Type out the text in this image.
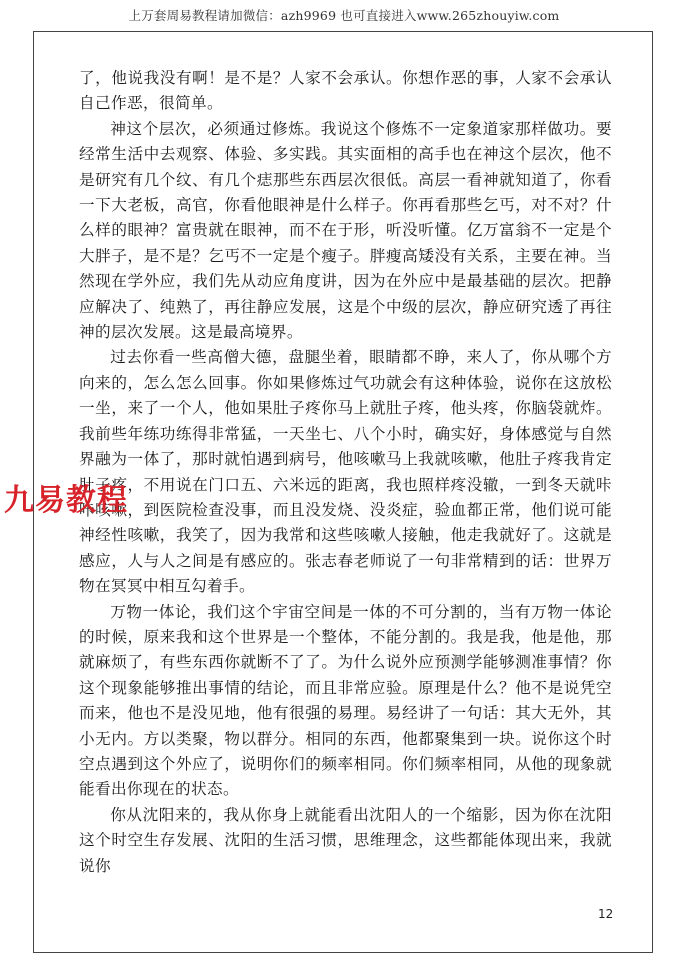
上万套周易教程请加微信：azh9969 也可直接进入www.265zhouyiw.com

了，他说我没有啊！是不是？人家不会承认。你想作恶的事，人家不会承认自己作恶，很简单。

神这个层次，必须通过修炼。我说这个修炼不一定象道家那样做功。要经常生活中去观察、体验、多实践。其实面相的高手也在神这个层次，他不是研究有几个纹、有几个痣那些东西层次很低。高层一看神就知道了，你看一下大老板，高官，你看他眼神是什么样子。你再看那些乞丐，对不对？什么样的眼神？富贵就在眼神，而不在于形，听没听懂。亿万富翁不一定是个大胖子，是不是？乞丐不一定是个瘦子。胖瘦高矮没有关系，主要在神。当然现在学外应，我们先从动应角度讲，因为在外应中是最基础的层次。把静应解决了、纯熟了，再往静应发展，这是个中级的层次，静应研究透了再往神的层次发展。这是最高境界。

过去你看一些高僧大德，盘腿坐着，眼睛都不睁，来人了，你从哪个方向来的，怎么怎么回事。你如果修炼过气功就会有这种体验，说你在这放松一坐，来了一个人，他如果肚子疼你马上就肚子疼，他头疼，你脑袋就炸。我前些年练功练得非常猛，一天坐七、八个小时，确实好，身体感觉与自然界融为一体了，那时就怕遇到病号，他咳嗽马上我就咳嗽，他肚子疼我肯定肚子疼，不用说在门口五、六米远的距离，我也照样疼没辙，一到冬天就咔咔咳嗽，到医院检查没事，而且没发烧、没炎症，验血都正常，他们说可能神经性咳嗽，我笑了，因为我常和这些咳嗽人接触，他走我就好了。这就是感应，人与人之间是有感应的。张志春老师说了一句非常精到的话：世界万物在冥冥中相互勾着手。

万物一体论，我们这个宇宙空间是一体的不可分割的，当有万物一体论的时候，原来我和这个世界是一个整体，不能分割的。我是我，他是他，那就麻烦了，有些东西你就断不了了。为什么说外应预测学能够测准事情？你这个现象能够推出事情的结论，而且非常应验。原理是什么？他不是说凭空而来，他也不是没见地，他有很强的易理。易经讲了一句话：其大无外，其小无内。方以类聚，物以群分。相同的东西，他都聚集到一块。说你这个时空点遇到这个外应了，说明你们的频率相同。你们频率相同，从他的现象就能看出你现在的状态。

你从沈阳来的，我从你身上就能看出沈阳人的一个缩影，因为你在沈阳这个时空生存发展、沈阳的生活习惯，思维理念，这些都能体现出来，我就说你

九易教程
12
